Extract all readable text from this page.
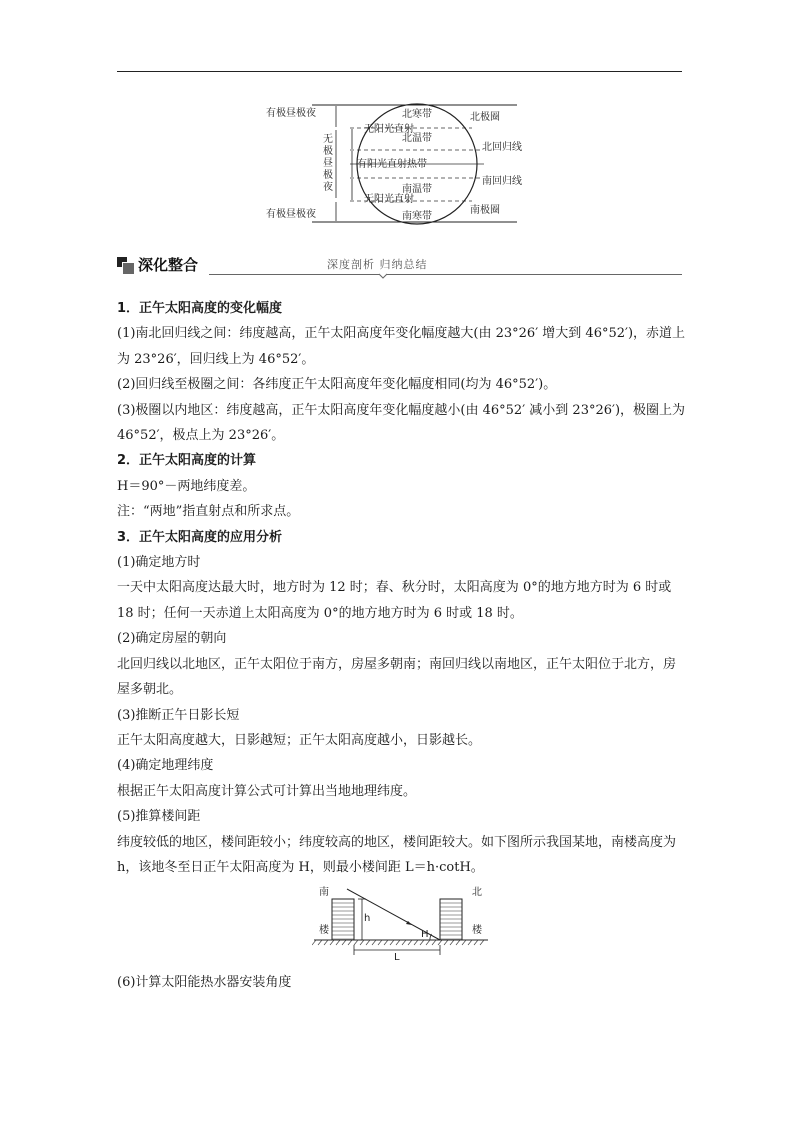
有极昼极夜
有极昼极夜
无极昼极夜
无阳光直射
有阳光直射
无阳光直射
北寒带
北温带
热带
南温带
南寒带
北极圈
北回归线
南回归线
南极圈
深化整合	深度剖析 归纳总结

1．正午太阳高度的变化幅度

(1)南北回归线之间：纬度越高，正午太阳高度年变化幅度越大(由 23°26′ 增大到 46°52′)，赤道上为 23°26′，回归线上为 46°52′。

(2)回归线至极圈之间：各纬度正午太阳高度年变化幅度相同(均为 46°52′)。

(3)极圈以内地区：纬度越高，正午太阳高度年变化幅度越小(由 46°52′ 减小到 23°26′)，极圈上为 46°52′，极点上为 23°26′。

2．正午太阳高度的计算

H＝90°－两地纬度差。

注：“两地”指直射点和所求点。

3．正午太阳高度的应用分析

(1)确定地方时

一天中太阳高度达最大时，地方时为 12 时；春、秋分时，太阳高度为 0°的地方地方时为 6 时或 18 时；任何一天赤道上太阳高度为 0°的地方地方时为 6 时或 18 时。

(2)确定房屋的朝向

北回归线以北地区，正午太阳位于南方，房屋多朝南；南回归线以南地区，正午太阳位于北方，房屋多朝北。

(3)推断正午日影长短

正午太阳高度越大，日影越短；正午太阳高度越小，日影越长。

(4)确定地理纬度

根据正午太阳高度计算公式可计算出当地地理纬度。

(5)推算楼间距

纬度较低的地区，楼间距较小；纬度较高的地区，楼间距较大。如下图所示我国某地，南楼高度为 h，该地冬至日正午太阳高度为 H，则最小楼间距 L＝h·cotH。

南	北
楼	楼
h
H
L
(6)计算太阳能热水器安装角度
